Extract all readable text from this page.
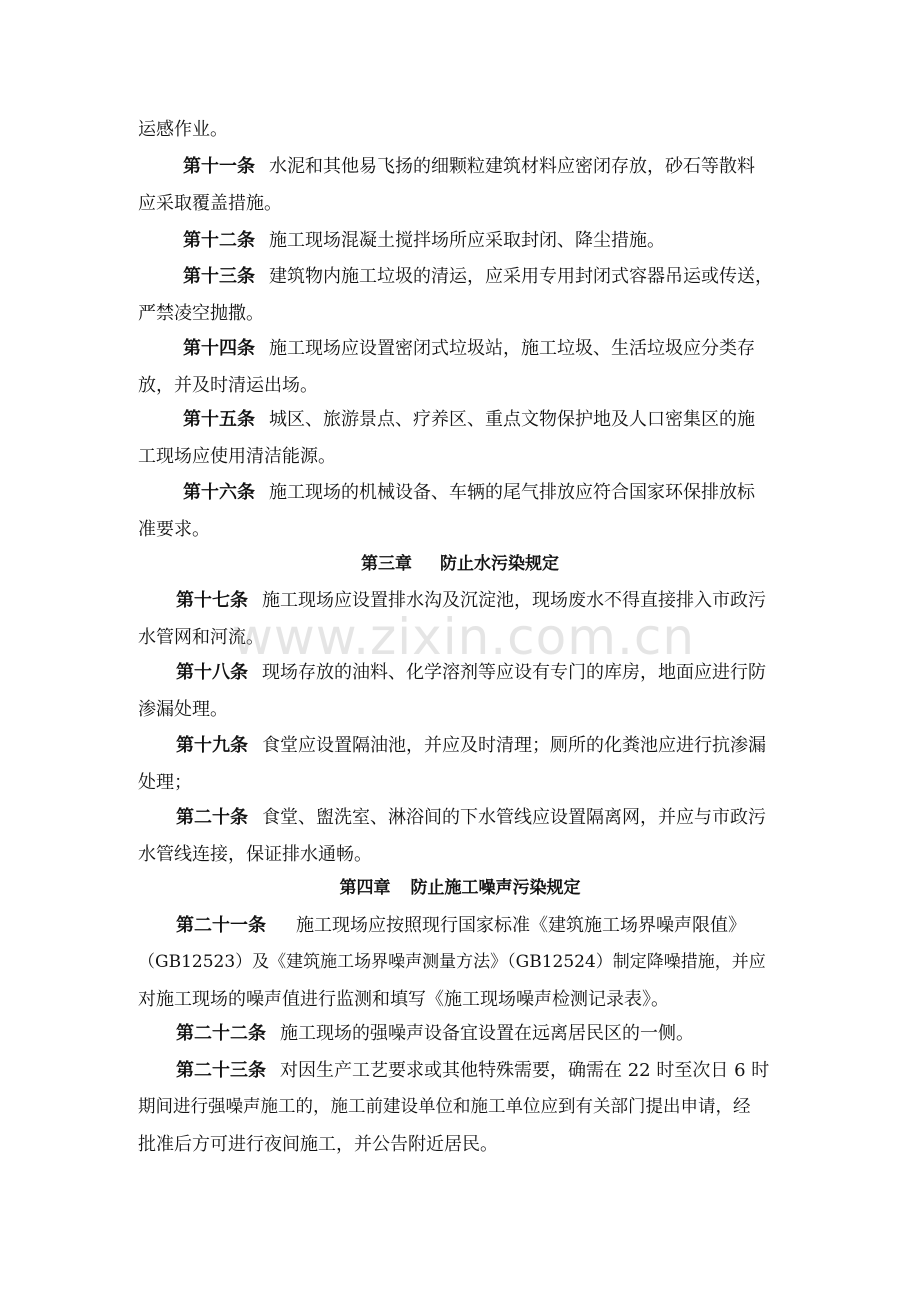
运感作业。
第十一条 水泥和其他易飞扬的细颗粒建筑材料应密闭存放，砂石等散料
应采取覆盖措施。
第十二条 施工现场混凝土搅拌场所应采取封闭、降尘措施。
第十三条 建筑物内施工垃圾的清运，应采用专用封闭式容器吊运或传送，
严禁凌空抛撒。
第十四条 施工现场应设置密闭式垃圾站，施工垃圾、生活垃圾应分类存
放，并及时清运出场。
第十五条 城区、旅游景点、疗养区、重点文物保护地及人口密集区的施
工现场应使用清洁能源。
第十六条 施工现场的机械设备、车辆的尾气排放应符合国家环保排放标
准要求。
第三章 防止水污染规定
第十七条 施工现场应设置排水沟及沉淀池，现场废水不得直接排入市政污
水管网和河流。
第十八条 现场存放的油料、化学溶剂等应设有专门的库房，地面应进行防
渗漏处理。
第十九条 食堂应设置隔油池，并应及时清理；厕所的化粪池应进行抗渗漏
处理；
第二十条 食堂、盥洗室、淋浴间的下水管线应设置隔离网，并应与市政污
水管线连接，保证排水通畅。
第四章 防止施工噪声污染规定
第二十一条 施工现场应按照现行国家标准《建筑施工场界噪声限值》
（GB12523）及《建筑施工场界噪声测量方法》（GB12524）制定降噪措施，并应
对施工现场的噪声值进行监测和填写《施工现场噪声检测记录表》。
第二十二条 施工现场的强噪声设备宜设置在远离居民区的一侧。
第二十三条 对因生产工艺要求或其他特殊需要，确需在 22 时至次日 6 时
期间进行强噪声施工的，施工前建设单位和施工单位应到有关部门提出申请，经
批准后方可进行夜间施工，并公告附近居民。
www.zixin.com.cn
